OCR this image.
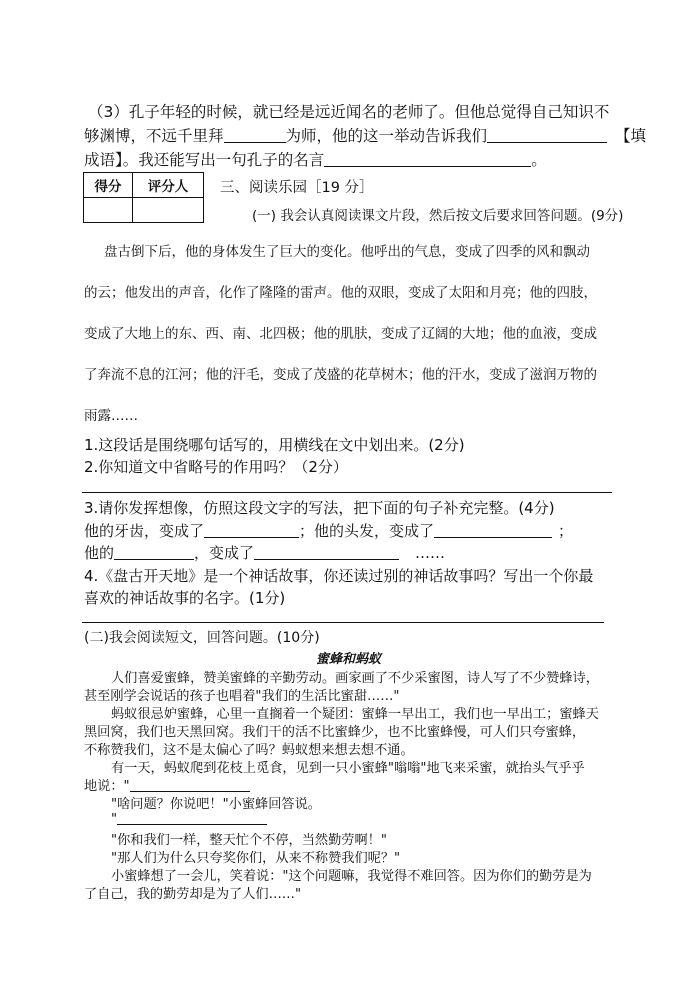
（3）孔子年轻的时候，就已经是远近闻名的老师了。但他总觉得自己知识不
够渊博，不远千里拜	为师，他的这一举动告诉我们	【填
成语】。我还能写出一句孔子的名言	。
得分	评分人
	三、阅读乐园［19 分］
(一) 我会认真阅读课文片段，然后按文后要求回答问题。(9分)
盘古倒下后，他的身体发生了巨大的变化。他呼出的气息，变成了四季的风和飘动
的云；他发出的声音，化作了隆隆的雷声。他的双眼，变成了太阳和月亮；他的四肢，
变成了大地上的东、西、南、北四极；他的肌肤，变成了辽阔的大地；他的血液，变成
了奔流不息的江河；他的汗毛，变成了茂盛的花草树木；他的汗水，变成了滋润万物的
雨露……
1.这段话是围绕哪句话写的，用横线在文中划出来。(2分)
2.你知道文中省略号的作用吗？（2分）
3.请你发挥想像，仿照这段文字的写法，把下面的句子补充完整。(4分)
他的牙齿，变成了	；他的头发，变成了	；
他的	，变成了	……
4.《盘古开天地》是一个神话故事，你还读过别的神话故事吗？写出一个你最
喜欢的神话故事的名字。(1分)
(二)我会阅读短文，回答问题。(10分)
蜜蜂和蚂蚁
人们喜爱蜜蜂，赞美蜜蜂的辛勤劳动。画家画了不少采蜜图，诗人写了不少赞蜂诗，
甚至刚学会说话的孩子也唱着"我们的生活比蜜甜……"
蚂蚁很忌妒蜜蜂，心里一直搁着一个疑团：蜜蜂一早出工，我们也一早出工；蜜蜂天
黑回窝，我们也天黑回窝。我们干的活不比蜜蜂少，也不比蜜蜂慢，可人们只夸蜜蜂，
不称赞我们，这不是太偏心了吗？蚂蚁想来想去想不通。
有一天，蚂蚁爬到花枝上觅食，见到一只小蜜蜂"嗡嗡"地飞来采蜜，就抬头气乎乎
地说："
"啥问题？你说吧！"小蜜蜂回答说。
"
"你和我们一样，整天忙个不停，当然勤劳啊！"
"那人们为什么只夸奖你们，从来不称赞我们呢？"
小蜜蜂想了一会儿，笑着说："这个问题嘛，我觉得不难回答。因为你们的勤劳是为
了自己，我的勤劳却是为了人们……"
